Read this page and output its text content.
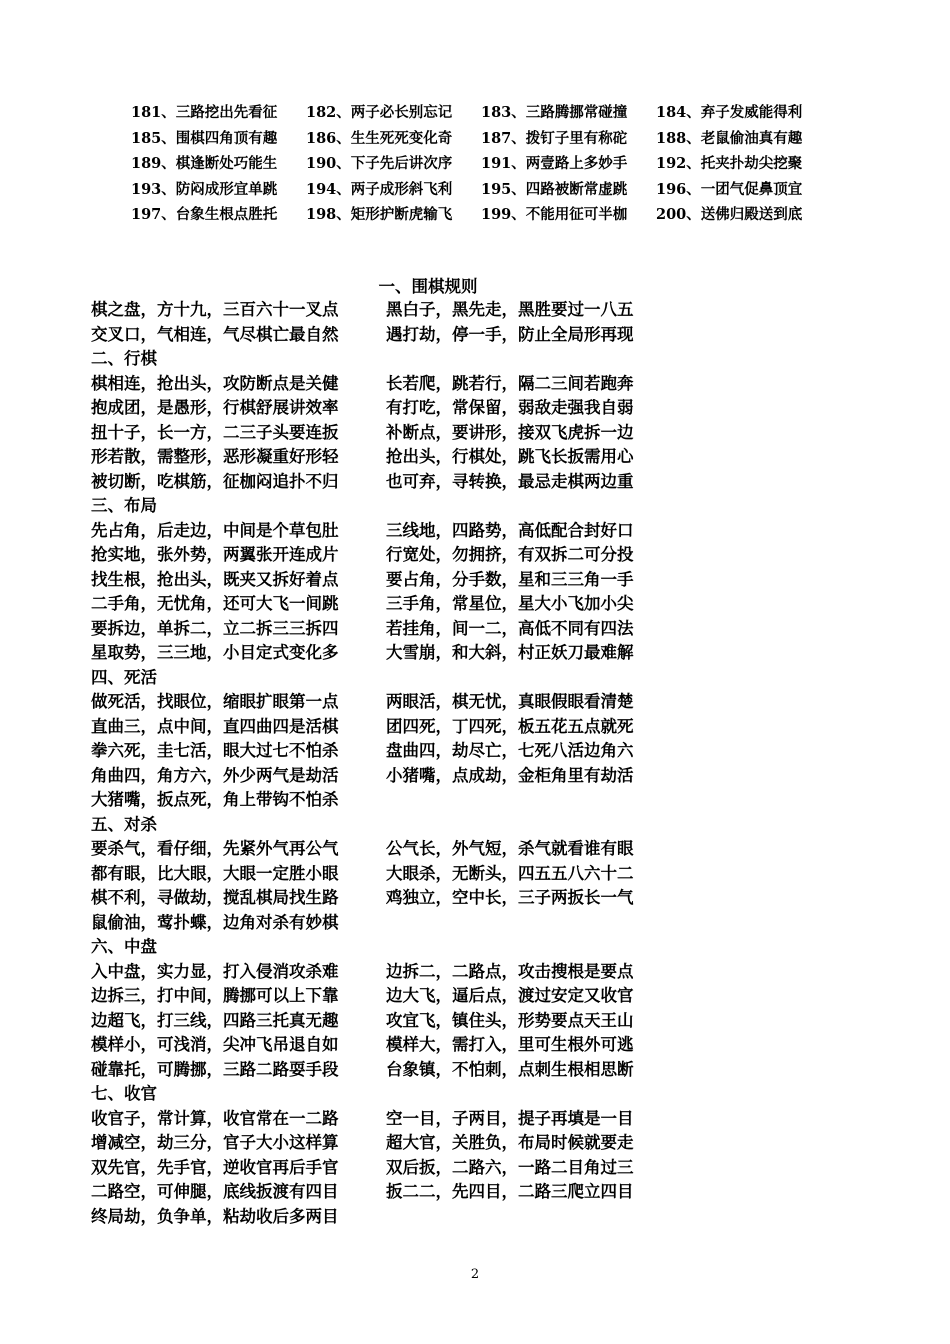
181、三路挖出先看征	182、两子必长别忘记	183、三路腾挪常碰撞	184、弃子发威能得利
185、围棋四角顶有趣	186、生生死死变化奇	187、拨钉子里有称砣	188、老鼠偷油真有趣
189、棋逢断处巧能生	190、下子先后讲次序	191、两壹路上多妙手	192、托夹扑劫尖挖聚
193、防闷成形宜单跳	194、两子成形斜飞利	195、四路被断常虚跳	196、一团气促鼻顶宜
197、台象生根点胜托	198、矩形护断虎输飞	199、不能用征可半枷	200、送佛归殿送到底
一、围棋规则
棋之盘，方十九，三百六十一叉点	黑白子，黑先走，黑胜要过一八五
交叉口，气相连，气尽棋亡最自然	遇打劫，停一手，防止全局形再现
二、行棋
棋相连，抢出头，攻防断点是关健	长若爬，跳若行，隔二三间若跑奔
抱成团，是愚形，行棋舒展讲效率	有打吃，常保留，弱敌走强我自弱
扭十子，长一方，二三子头要连扳	补断点，要讲形，接双飞虎拆一边
形若散，需整形，恶形凝重好形轻	抢出头，行棋处，跳飞长扳需用心
被切断，吃棋筋，征枷闷追扑不归	也可弃，寻转换，最忌走棋两边重
三、布局
先占角，后走边，中间是个草包肚	三线地，四路势，高低配合封好口
抢实地，张外势，两翼张开连成片	行宽处，勿拥挤，有双拆二可分投
找生根，抢出头，既夹又拆好着点	要占角，分手数，星和三三角一手
二手角，无忧角，还可大飞一间跳	三手角，常星位，星大小飞加小尖
要拆边，单拆二，立二拆三三拆四	若挂角，间一二，高低不同有四法
星取势，三三地，小目定式变化多	大雪崩，和大斜，村正妖刀最难解
四、死活
做死活，找眼位，缩眼扩眼第一点	两眼活，棋无忧，真眼假眼看清楚
直曲三，点中间，直四曲四是活棋	团四死，丁四死，板五花五点就死
拳六死，圭七活，眼大过七不怕杀	盘曲四，劫尽亡，七死八活边角六
角曲四，角方六，外少两气是劫活	小猪嘴，点成劫，金柜角里有劫活
大猪嘴，扳点死，角上带钩不怕杀
五、对杀
要杀气，看仔细，先紧外气再公气	公气长，外气短，杀气就看谁有眼
都有眼，比大眼，大眼一定胜小眼	大眼杀，无断头，四五五八六十二
棋不利，寻做劫，搅乱棋局找生路	鸡独立，空中长，三子两扳长一气
鼠偷油，莺扑蝶，边角对杀有妙棋
六、中盘
入中盘，实力显，打入侵消攻杀难	边拆二，二路点，攻击搜根是要点
边拆三，打中间，腾挪可以上下靠	边大飞，逼后点，渡过安定又收官
边超飞，打三线，四路三托真无趣	攻宜飞，镇住头，形势要点天王山
模样小，可浅消，尖冲飞吊退自如	模样大，需打入，里可生根外可逃
碰靠托，可腾挪，三路二路耍手段	台象镇，不怕刺，点刺生根相思断
七、收官
收官子，常计算，收官常在一二路	空一目，子两目，提子再填是一目
增减空，劫三分，官子大小这样算	超大官，关胜负，布局时候就要走
双先官，先手官，逆收官再后手官	双后扳，二路六，一路二目角过三
二路空，可伸腿，底线扳渡有四目	扳二二，先四目，二路三爬立四目
终局劫，负争单，粘劫收后多两目
2
